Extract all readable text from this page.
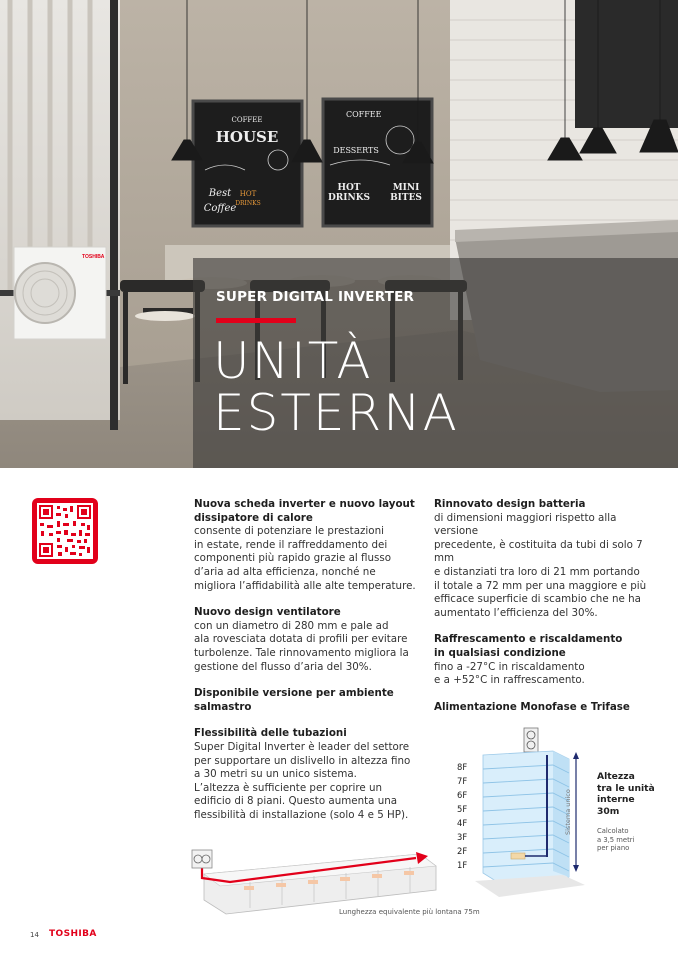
TOSHIBA
COFFEE
HOUSE
Best
Coffee
HOT
DRINKS
COFFEE
DESSERTS
HOT
DRINKS
MINI
BITES
SUPER DIGITAL INVERTER
UNITÀ
ESTERNA
Nuova scheda inverter e nuovo layout dissipatore di calore

consente di potenziare le prestazioni
in estate, rende il raffreddamento dei
componenti più rapido grazie al flusso
d’aria ad alta efficienza, nonché ne
migliora l’affidabilità alle alte temperature.

Nuovo design ventilatore

con un diametro di 280 mm e pale ad
ala rovesciata dotata di profili per evitare
turbolenze. Tale rinnovamento migliora la
gestione del flusso d’aria del 30%.

Disponibile versione per ambiente salmastro
Flessibilità delle tubazioni

Super Digital Inverter è leader del settore
per supportare un dislivello in altezza fino
a 30 metri su un unico sistema.
L’altezza è sufficiente per coprire un
edificio di 8 piani. Questo aumenta una
flessibilità di installazione (solo 4 e 5 HP).

Rinnovato design batteria

di dimensioni maggiori rispetto alla versione
precedente, è costituita da tubi di solo 7 mm
e distanziati tra loro di 21 mm portando
il totale a 72 mm per una maggiore e più
efficace superficie di scambio che ne ha
aumentato l’efficienza del 30%.

Raffrescamento e riscaldamento
in qualsiasi condizione

fino a -27°C in riscaldamento
e a +52°C in raffrescamento.

Alimentazione Monofase e Trifase
Lunghezza equivalente più lontana 75m
8F
7F
6F
5F
4F
3F
2F
1F
Sistema unico
Altezza
tra le unità
interne
30m
Calcolato
a 3,5 metri
per piano
14 TOSHIBA
